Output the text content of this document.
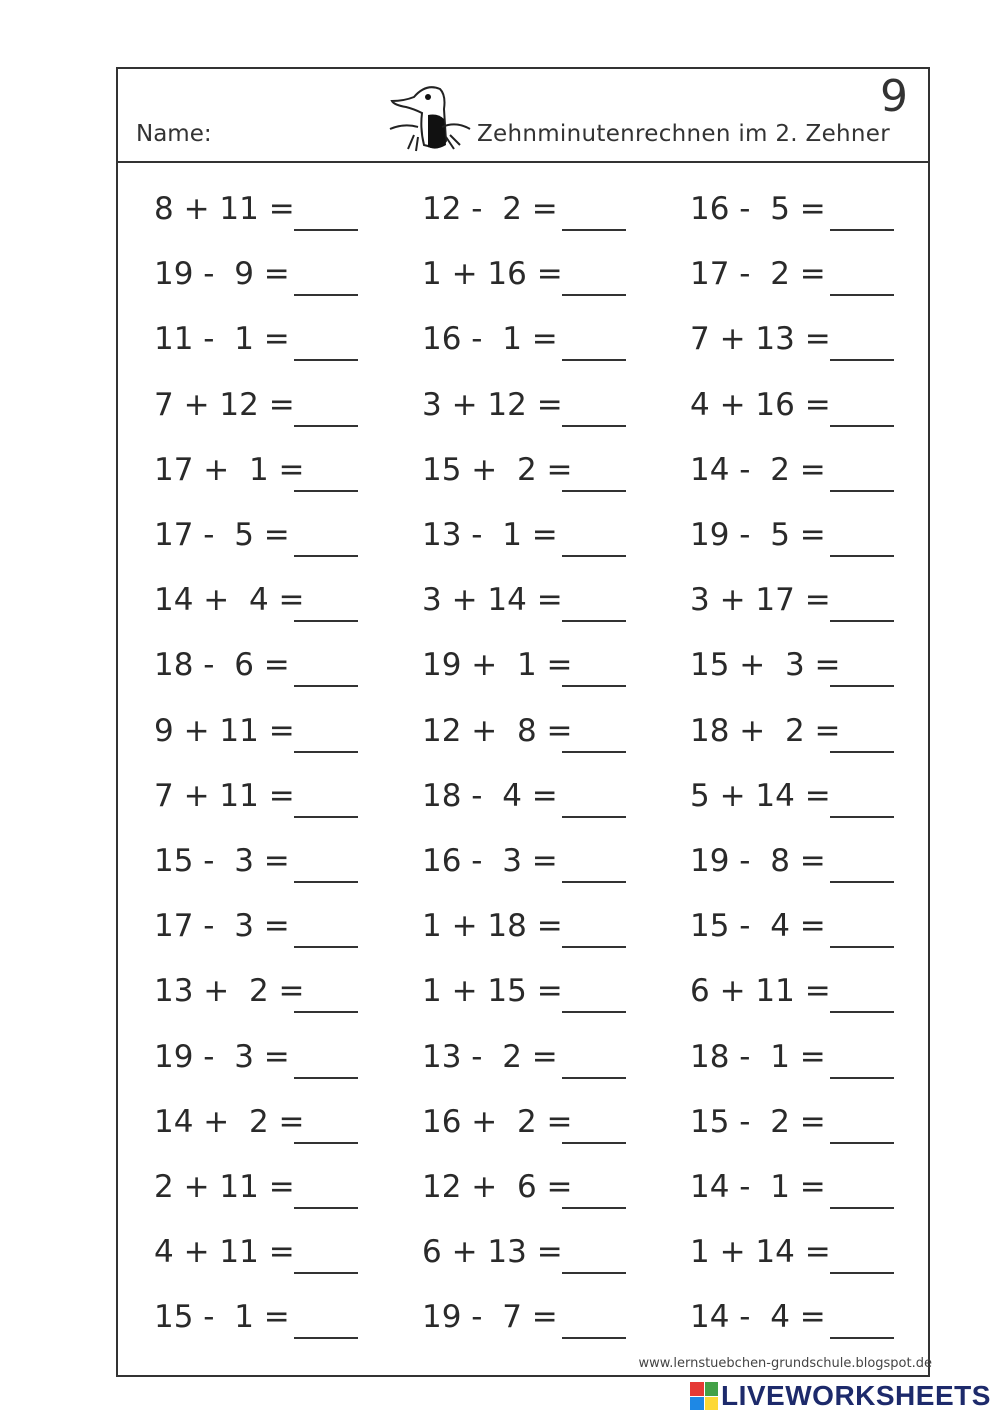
Name:	Zehnminutenrechnen im 2. Zehner
9
8 + 11 =	12 -  2 =	16 -  5 =
19 -  9 =	1 + 16 =	17 -  2 =
11 -  1 =	16 -  1 =	7 + 13 =
7 + 12 =	3 + 12 =	4 + 16 =
17 +  1 =	15 +  2 =	14 -  2 =
17 -  5 =	13 -  1 =	19 -  5 =
14 +  4 =	3 + 14 =	3 + 17 =
18 -  6 =	19 +  1 =	15 +  3 =
9 + 11 =	12 +  8 =	18 +  2 =
7 + 11 =	18 -  4 =	5 + 14 =
15 -  3 =	16 -  3 =	19 -  8 =
17 -  3 =	1 + 18 =	15 -  4 =
13 +  2 =	1 + 15 =	6 + 11 =
19 -  3 =	13 -  2 =	18 -  1 =
14 +  2 =	16 +  2 =	15 -  2 =
2 + 11 =	12 +  6 =	14 -  1 =
4 + 11 =	6 + 13 =	1 + 14 =
15 -  1 =	19 -  7 =	14 -  4 =
www.lernstuebchen-grundschule.blogspot.de
LIVEWORKSHEETS
